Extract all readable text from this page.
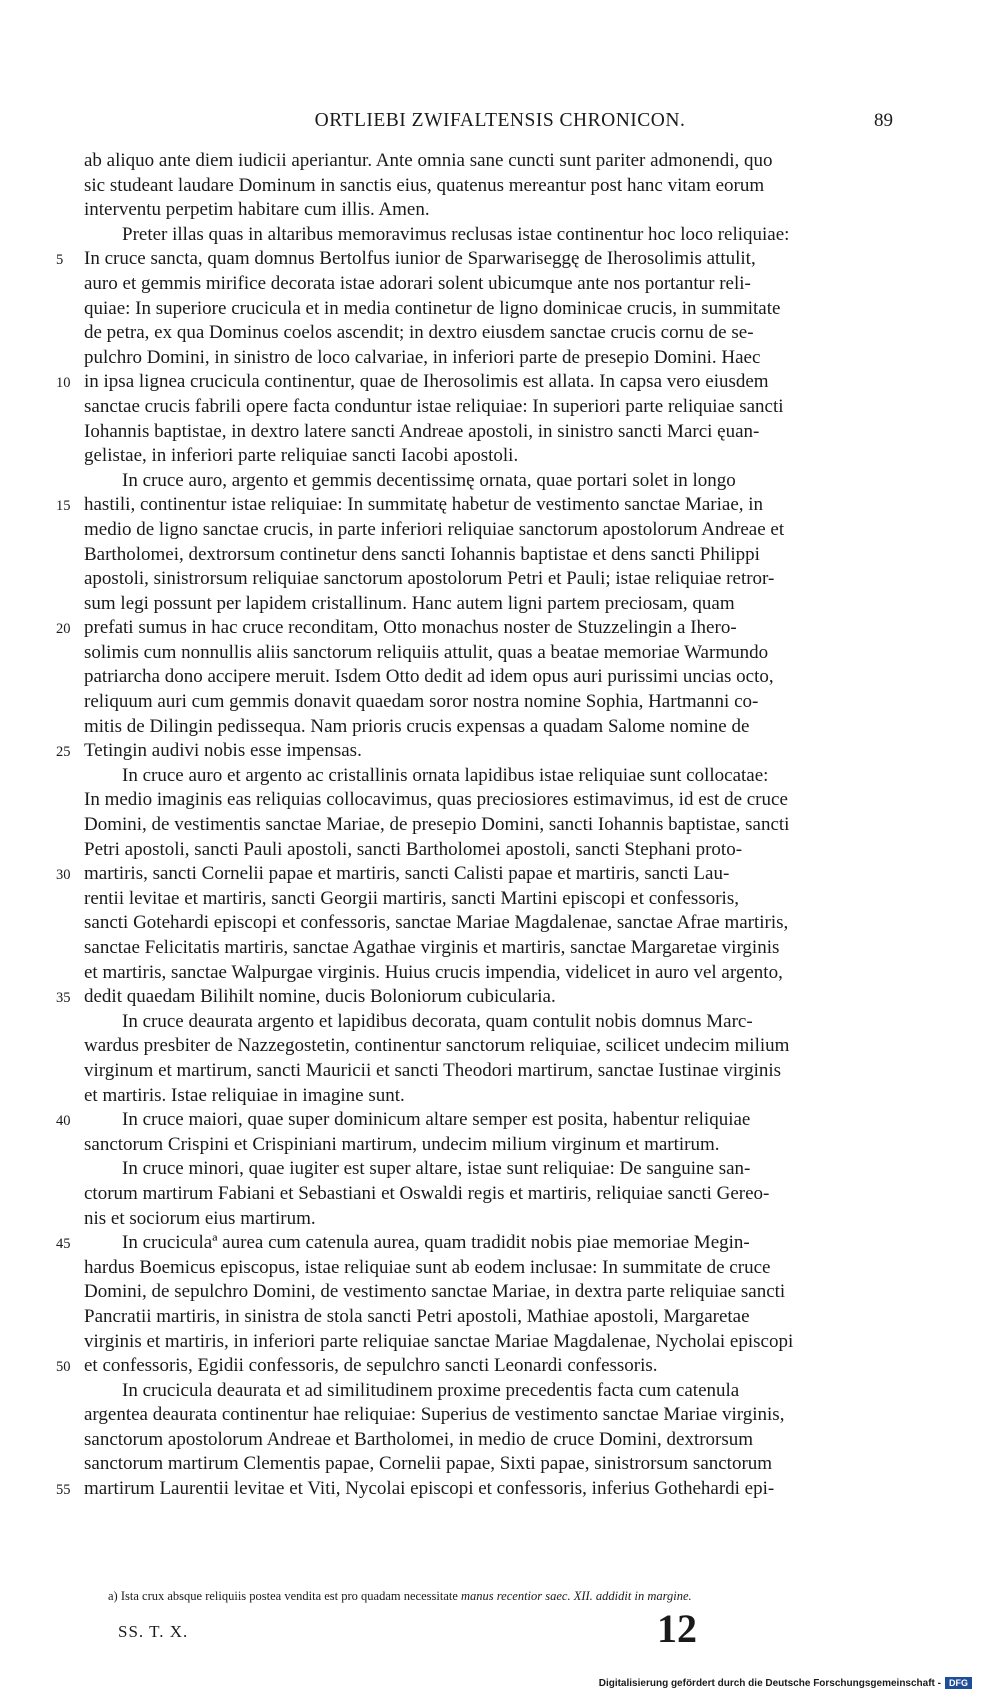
ORTLIEBI ZWIFALTENSIS CHRONICON.	89
ab aliquo ante diem iudicii aperiantur. Ante omnia sane cuncti sunt pariter admonendi, quo
sic studeant laudare Dominum in sanctis eius, quatenus mereantur post hanc vitam eorum
interventu perpetim habitare cum illis. Amen.
Preter illas quas in altaribus memoravimus reclusas istae continentur hoc loco reliquiae:
5	In cruce sancta, quam domnus Bertolfus iunior de Sparwariseggę de Iherosolimis attulit,
auro et gemmis mirifice decorata istae adorari solent ubicumque ante nos portantur reli-
quiae: In superiore crucicula et in media continetur de ligno dominicae crucis, in summitate
de petra, ex qua Dominus coelos ascendit; in dextro eiusdem sanctae crucis cornu de se-
pulchro Domini, in sinistro de loco calvariae, in inferiori parte de presepio Domini. Haec
10 in ipsa lignea crucicula continentur, quae de Iherosolimis est allata. In capsa vero eiusdem
sanctae crucis fabrili opere facta conduntur istae reliquiae: In superiori parte reliquiae sancti
Iohannis baptistae, in dextro latere sancti Andreae apostoli, in sinistro sancti Marci ęuan-
gelistae, in inferiori parte reliquiae sancti Iacobi apostoli.
In cruce auro, argento et gemmis decentissimę ornata, quae portari solet in longo
15 hastili, continentur istae reliquiae: In summitatę habetur de vestimento sanctae Mariae, in
medio de ligno sanctae crucis, in parte inferiori reliquiae sanctorum apostolorum Andreae et
Bartholomei, dextrorsum continetur dens sancti Iohannis baptistae et dens sancti Philippi
apostoli, sinistrorsum reliquiae sanctorum apostolorum Petri et Pauli; istae reliquiae retror-
sum legi possunt per lapidem cristallinum. Hanc autem ligni partem preciosam, quam
20 prefati sumus in hac cruce reconditam, Otto monachus noster de Stuzzelingin a Ihero-
solimis cum nonnullis aliis sanctorum reliquiis attulit, quas a beatae memoriae Warmundo
patriarcha dono accipere meruit. Isdem Otto dedit ad idem opus auri purissimi uncias octo,
reliquum auri cum gemmis donavit quaedam soror nostra nomine Sophia, Hartmanni co-
mitis de Dilingin pedissequa. Nam prioris crucis expensas a quadam Salome nomine de
25 Tetingin audivi nobis esse impensas.
In cruce auro et argento ac cristallinis ornata lapidibus istae reliquiae sunt collocatae:
In medio imaginis eas reliquias collocavimus, quas preciosiores estimavimus, id est de cruce
Domini, de vestimentis sanctae Mariae, de presepio Domini, sancti Iohannis baptistae, sancti
Petri apostoli, sancti Pauli apostoli, sancti Bartholomei apostoli, sancti Stephani proto-
30 martiris, sancti Cornelii papae et martiris, sancti Calisti papae et martiris, sancti Lau-
rentii levitae et martiris, sancti Georgii martiris, sancti Martini episcopi et confessoris,
sancti Gotehardi episcopi et confessoris, sanctae Mariae Magdalenae, sanctae Afrae martiris,
sanctae Felicitatis martiris, sanctae Agathae virginis et martiris, sanctae Margaretae virginis
et martiris, sanctae Walpurgae virginis. Huius crucis impendia, videlicet in auro vel argento,
35 dedit quaedam Bilihilt nomine, ducis Boloniorum cubicularia.
In cruce deaurata argento et lapidibus decorata, quam contulit nobis domnus Marc-
wardus presbiter de Nazzegostetin, continentur sanctorum reliquiae, scilicet undecim milium
virginum et martirum, sancti Mauricii et sancti Theodori martirum, sanctae Iustinae virginis
et martiris. Istae reliquiae in imagine sunt.
40	In cruce maiori, quae super dominicum altare semper est posita, habentur reliquiae
sanctorum Crispini et Crispiniani martirum, undecim milium virginum et martirum.
In cruce minori, quae iugiter est super altare, istae sunt reliquiae: De sanguine san-
ctorum martirum Fabiani et Sebastiani et Oswaldi regis et martiris, reliquiae sancti Gereo-
nis et sociorum eius martirum.
45	In cruciculaª aurea cum catenula aurea, quam tradidit nobis piae memoriae Megin-
hardus Boemicus episcopus, istae reliquiae sunt ab eodem inclusae: In summitate de cruce
Domini, de sepulchro Domini, de vestimento sanctae Mariae, in dextra parte reliquiae sancti
Pancratii martiris, in sinistra de stola sancti Petri apostoli, Mathiae apostoli, Margaretae
virginis et martiris, in inferiori parte reliquiae sanctae Mariae Magdalenae, Nycholai episcopi
50 et confessoris, Egidii confessoris, de sepulchro sancti Leonardi confessoris.
In crucicula deaurata et ad similitudinem proxime precedentis facta cum catenula
argentea deaurata continentur hae reliquiae: Superius de vestimento sanctae Mariae virginis,
sanctorum apostolorum Andreae et Bartholomei, in medio de cruce Domini, dextrorsum
sanctorum martirum Clementis papae, Cornelii papae, Sixti papae, sinistrorsum sanctorum
55 martirum Laurentii levitae et Viti, Nycolai episcopi et confessoris, inferius Gothehardi epi-
a) Ista crux absque reliquiis postea vendita est pro quadam necessitate manus recentior saec. XII. addidit in margine.
SS. T. X.	12
Digitalisierung gefördert durch die Deutsche Forschungsgemeinschaft - DFG
